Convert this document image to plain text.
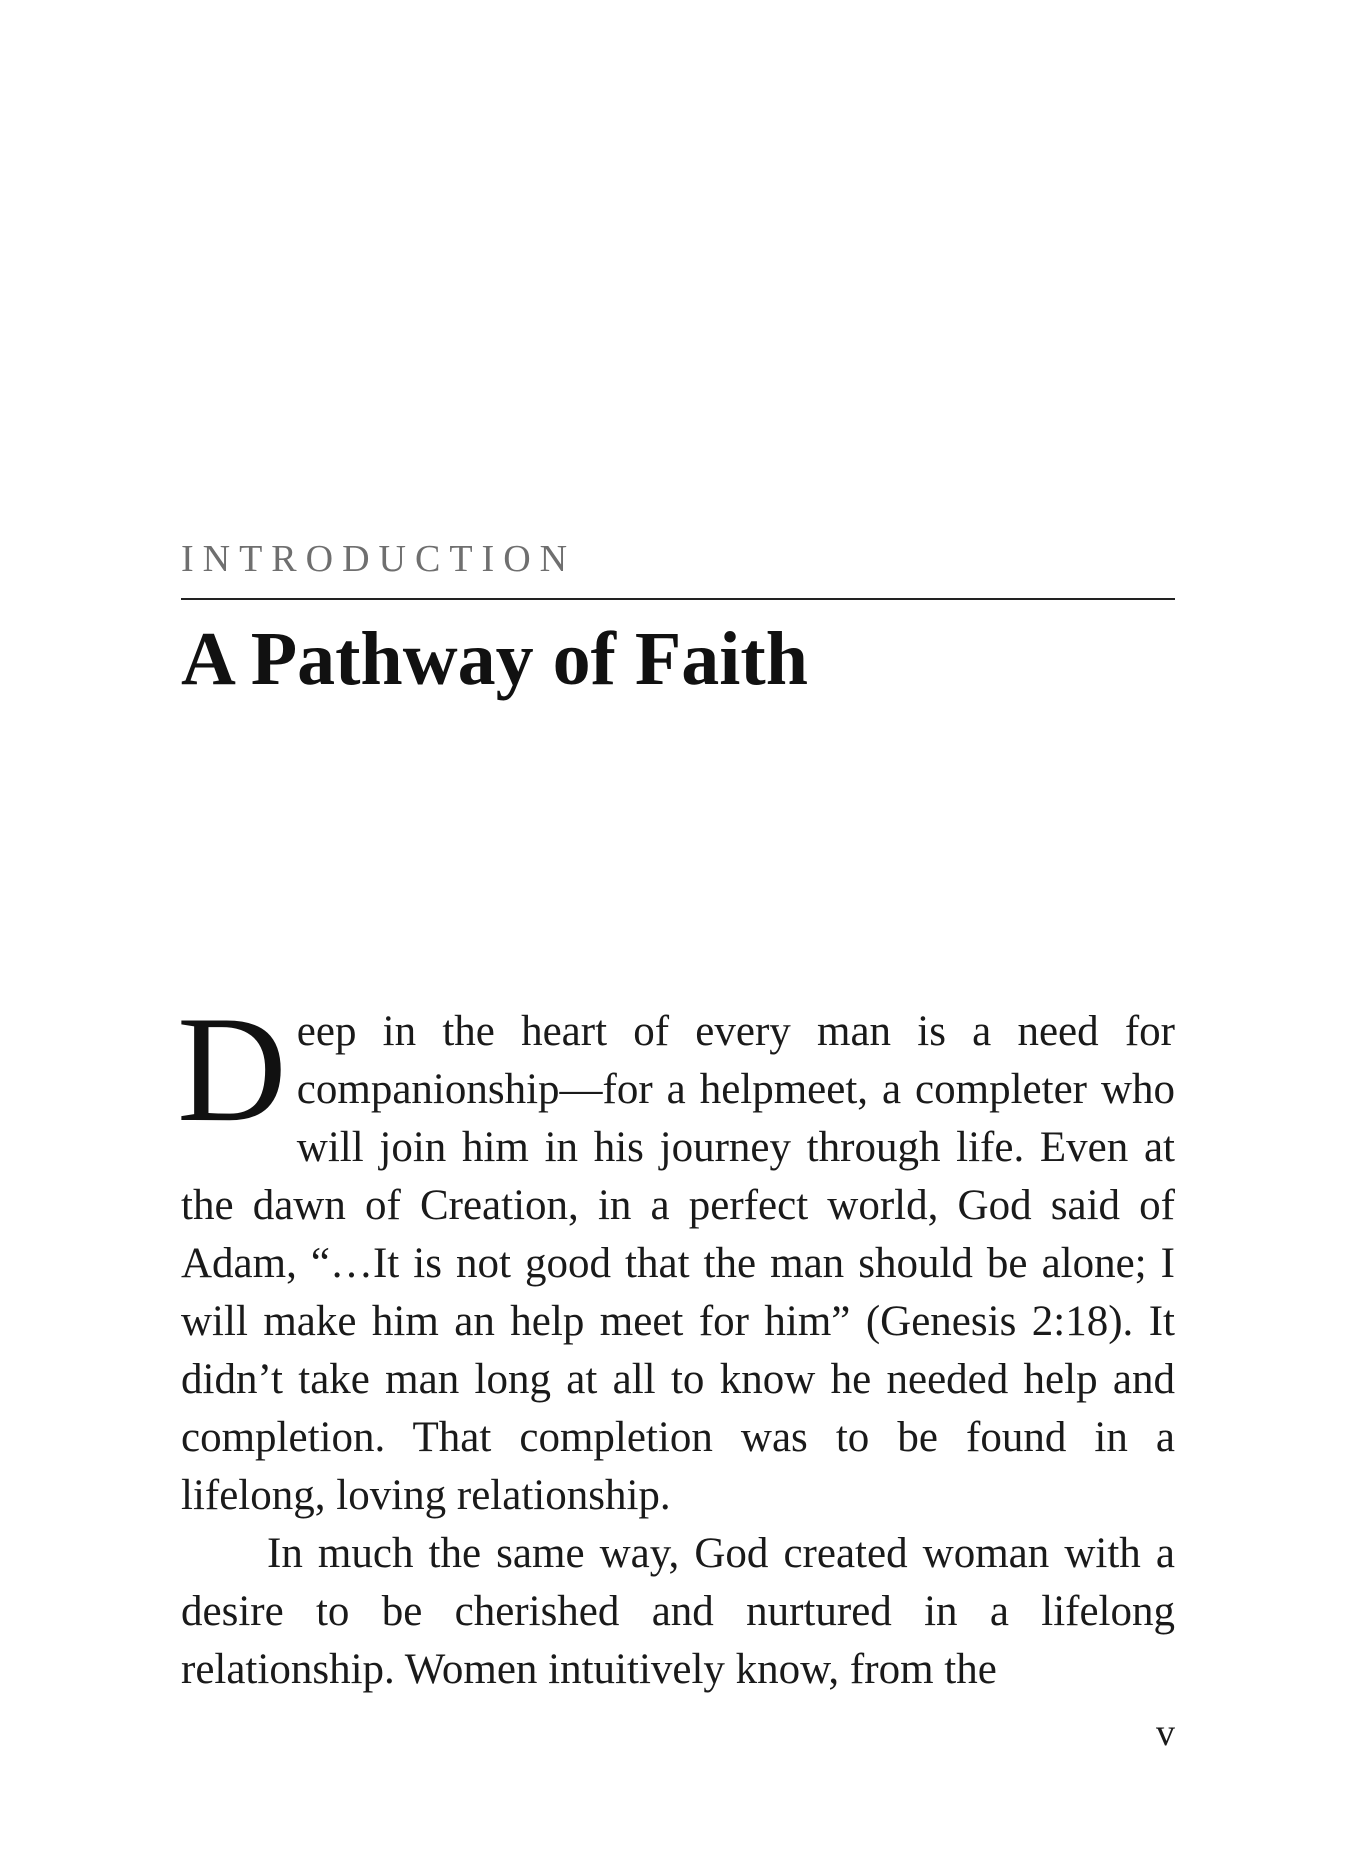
INTRODUCTION
A Pathway of Faith

Deep in the heart of every man is a need for companionship—for a helpmeet, a completer who will join him in his journey through life. Even at the dawn of Creation, in a perfect world, God said of Adam, “…It is not good that the man should be alone; I will make him an help meet for him” (Genesis 2:18). It didn’t take man long at all to know he needed help and completion. That completion was to be found in a lifelong, loving relationship.

In much the same way, God created woman with a desire to be cherished and nurtured in a lifelong relationship. Women intuitively know, from the

v
